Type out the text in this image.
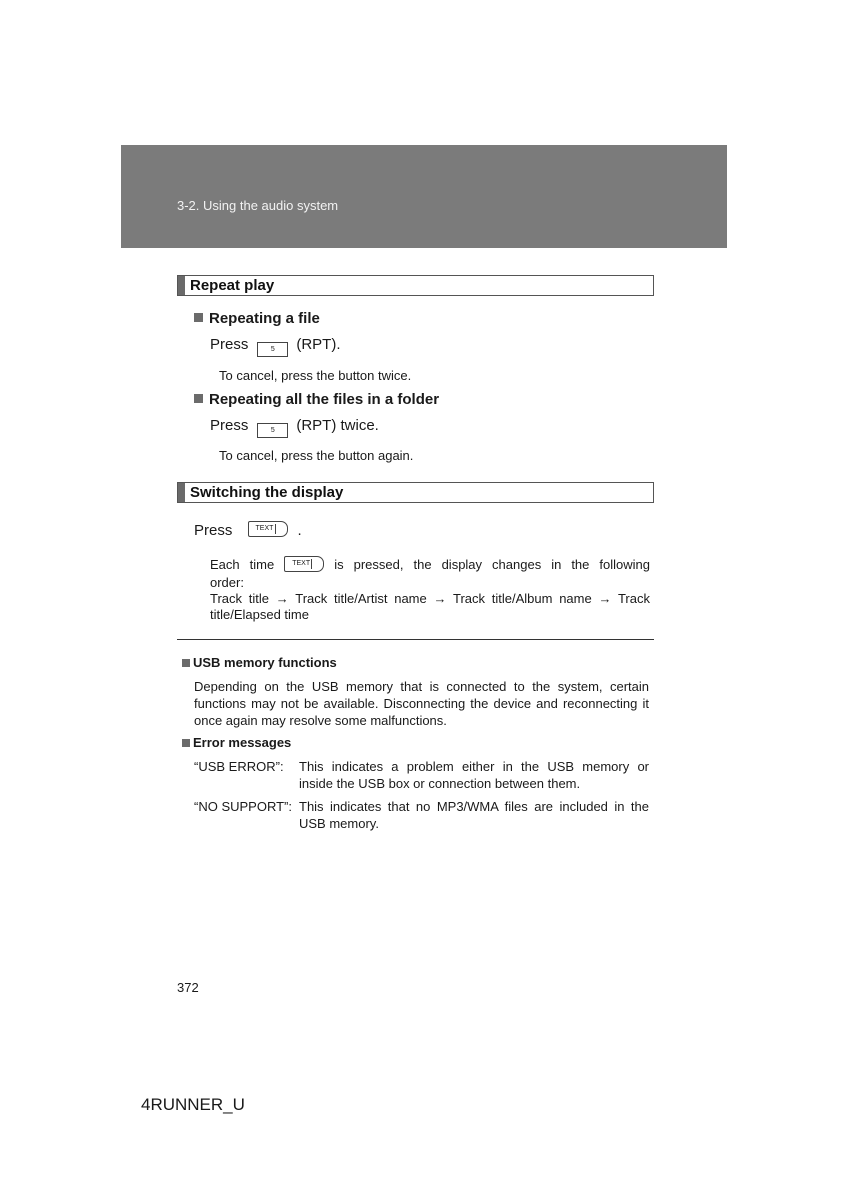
3-2. Using the audio system
Repeat play
Repeating a file
Press	5 (RPT).
To cancel, press the button twice.
Repeating all the files in a folder
Press	5 (RPT) twice.
To cancel, press the button again.
Switching the display
Press	TEXT .
Each time	TEXT is pressed, the display changes in the following
order:
Track title → Track title/Artist name → Track title/Album name → Track
title/Elapsed time
USB memory functions
Depending on the USB memory that is connected to the system, certain
functions may not be available. Disconnecting the device and reconnecting it
once again may resolve some malfunctions.
Error messages
“USB ERROR”: This indicates a problem either in the USB memory or
inside the USB box or connection between them.
“NO SUPPORT”: This indicates that no MP3/WMA files are included in the
USB memory.
372
4RUNNER_U
